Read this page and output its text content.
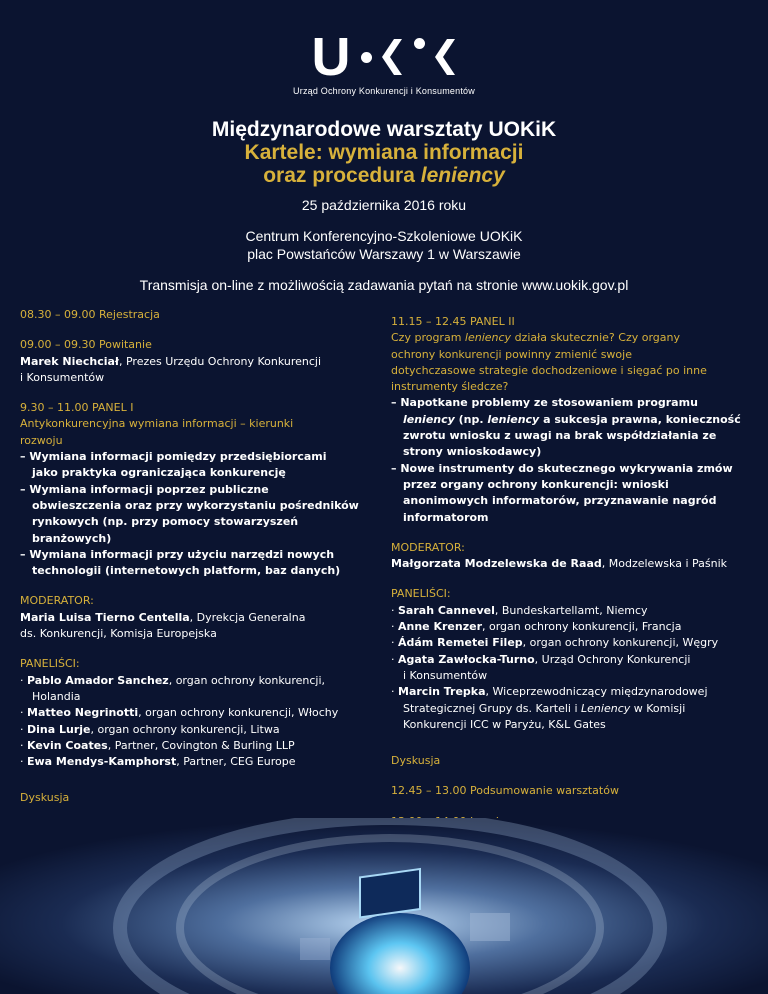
U
Urząd Ochrony Konkurencji i Konsumentów
Międzynarodowe warsztaty UOKiK
Kartele: wymiana informacji
oraz procedura leniency
25 października 2016 roku
Centrum Konferencyjno-Szkoleniowe UOKiK
plac Powstańców Warszawy 1 w Warszawie
Transmisja on-line z możliwością zadawania pytań na stronie www.uokik.gov.pl
08.30 – 09.00 Rejestracja
09.00 – 09.30 Powitanie
Marek Niechciał, Prezes Urzędu Ochrony Konkurencji
i Konsumentów
9.30 – 11.00 PANEL I
Antykonkurencyjna wymiana informacji – kierunki
rozwoju
– Wymiana informacji pomiędzy przedsiębiorcami
jako praktyka ograniczająca konkurencję
– Wymiana informacji poprzez publiczne
obwieszczenia oraz przy wykorzystaniu pośredników
rynkowych (np. przy pomocy stowarzyszeń
branżowych)
– Wymiana informacji przy użyciu narzędzi nowych
technologii (internetowych platform, baz danych)
MODERATOR:
Maria Luisa Tierno Centella, Dyrekcja Generalna
ds. Konkurencji, Komisja Europejska
PANELIŚCI:
· Pablo Amador Sanchez, organ ochrony konkurencji,
Holandia
· Matteo Negrinotti, organ ochrony konkurencji, Włochy
· Dina Lurje, organ ochrony konkurencji, Litwa
· Kevin Coates, Partner, Covington & Burling LLP
· Ewa Mendys-Kamphorst, Partner, CEG Europe
Dyskusja
11.15 – 12.45 PANEL II
Czy program leniency działa skutecznie? Czy organy
ochrony konkurencji powinny zmienić swoje
dotychczasowe strategie dochodzeniowe i sięgać po inne
instrumenty śledcze?
– Napotkane problemy ze stosowaniem programu
leniency (np. leniency a sukcesja prawna, konieczność
zwrotu wniosku z uwagi na brak współdziałania ze
strony wnioskodawcy)
– Nowe instrumenty do skutecznego wykrywania zmów
przez organy ochrony konkurencji: wnioski
anonimowych informatorów, przyznawanie nagród
informatorom
MODERATOR:
Małgorzata Modzelewska de Raad, Modzelewska i Paśnik
PANELIŚCI:
· Sarah Cannevel, Bundeskartellamt, Niemcy
· Anne Krenzer, organ ochrony konkurencji, Francja
· Ádám Remetei Filep, organ ochrony konkurencji, Węgry
· Agata Zawłocka-Turno, Urząd Ochrony Konkurencji
i Konsumentów
· Marcin Trepka, Wiceprzewodniczący międzynarodowej
Strategicznej Grupy ds. Karteli i Leniency w Komisji
Konkurencji ICC w Paryżu, K&L Gates
Dyskusja
12.45 – 13.00 Podsumowanie warsztatów
